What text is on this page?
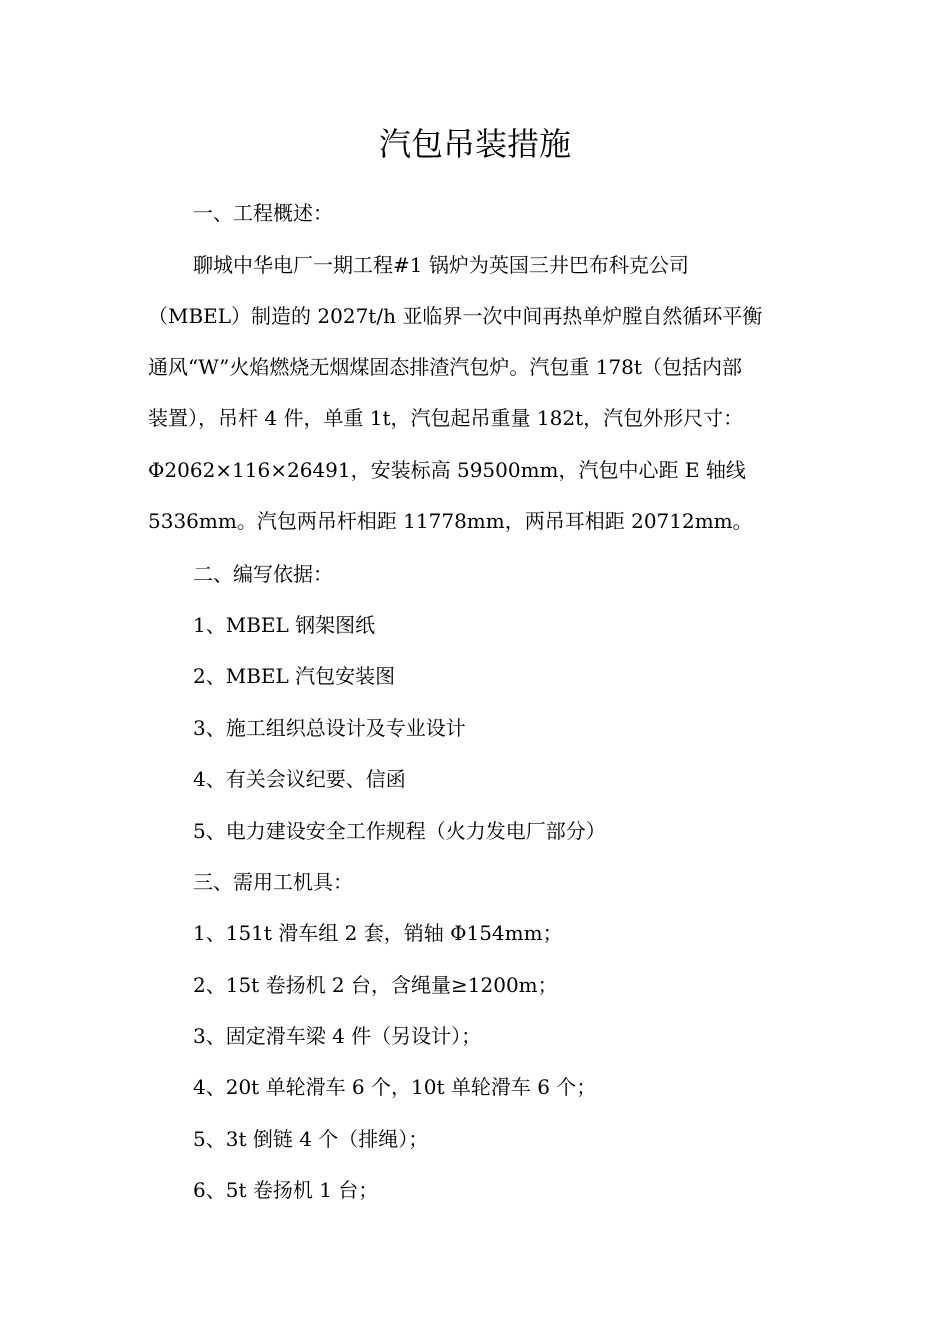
汽包吊装措施

一、工程概述：

聊城中华电厂一期工程#1 锅炉为英国三井巴布科克公司

（MBEL）制造的 2027t/h 亚临界一次中间再热单炉膛自然循环平衡

通风“W”火焰燃烧无烟煤固态排渣汽包炉。汽包重 178t（包括内部

装置），吊杆 4 件，单重 1t，汽包起吊重量 182t，汽包外形尺寸：

Φ2062×116×26491，安装标高 59500mm，汽包中心距 E 轴线

5336mm。汽包两吊杆相距 11778mm，两吊耳相距 20712mm。

二、编写依据：

1、MBEL 钢架图纸

2、MBEL 汽包安装图

3、施工组织总设计及专业设计

4、有关会议纪要、信函

5、电力建设安全工作规程（火力发电厂部分）

三、需用工机具：

1、151t 滑车组 2 套，销轴 Φ154mm；

2、15t 卷扬机 2 台，含绳量≥1200m；

3、固定滑车梁 4 件（另设计）；

4、20t 单轮滑车 6 个，10t 单轮滑车 6 个；

5、3t 倒链 4 个（排绳）；

6、5t 卷扬机 1 台；
